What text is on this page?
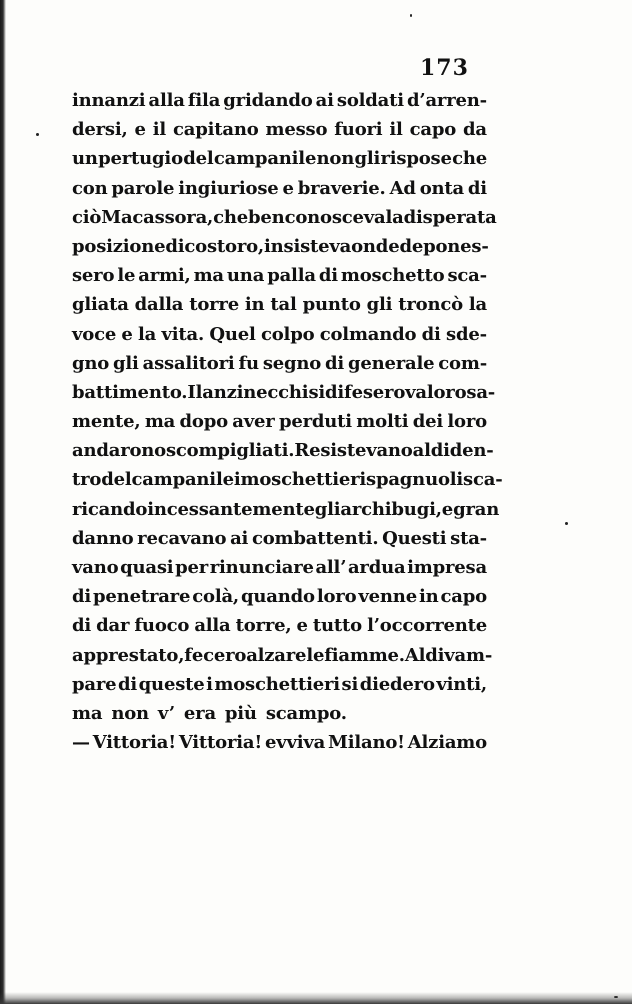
173
innanzi alla fila gridando ai soldati d’arren-
dersi, e il capitano messo fuori il capo da
un pertugio del campanile non gli rispose che
con parole ingiuriose e braverie. Ad onta di
ciò Macassora, che ben conosceva la disperata
posizione di costoro, insisteva onde depones-
sero le armi, ma una palla di moschetto sca-
gliata dalla torre in tal punto gli troncò la
voce e la vita. Quel colpo colmando di sde-
gno gli assalitori fu segno di generale com-
battimento. I lanzinecchi si difesero valorosa-
mente, ma dopo aver perduti molti dei loro
andarono scompigliati. Resistevano al di den-
tro del campanile i moschettieri spagnuoli sca-
ricando incessantemente gli archibugi, e gran
danno recavano ai combattenti. Questi sta-
vano quasi per rinunciare all’ ardua impresa
di penetrare colà, quando loro venne in capo
di dar fuoco alla torre, e tutto l’occorrente
apprestato, fecero alzare le fiamme. Al divam-
pare di queste i moschettieri si diedero vinti,
ma non v’ era più scampo.
— Vittoria! Vittoria! evviva Milano! Alziamo
